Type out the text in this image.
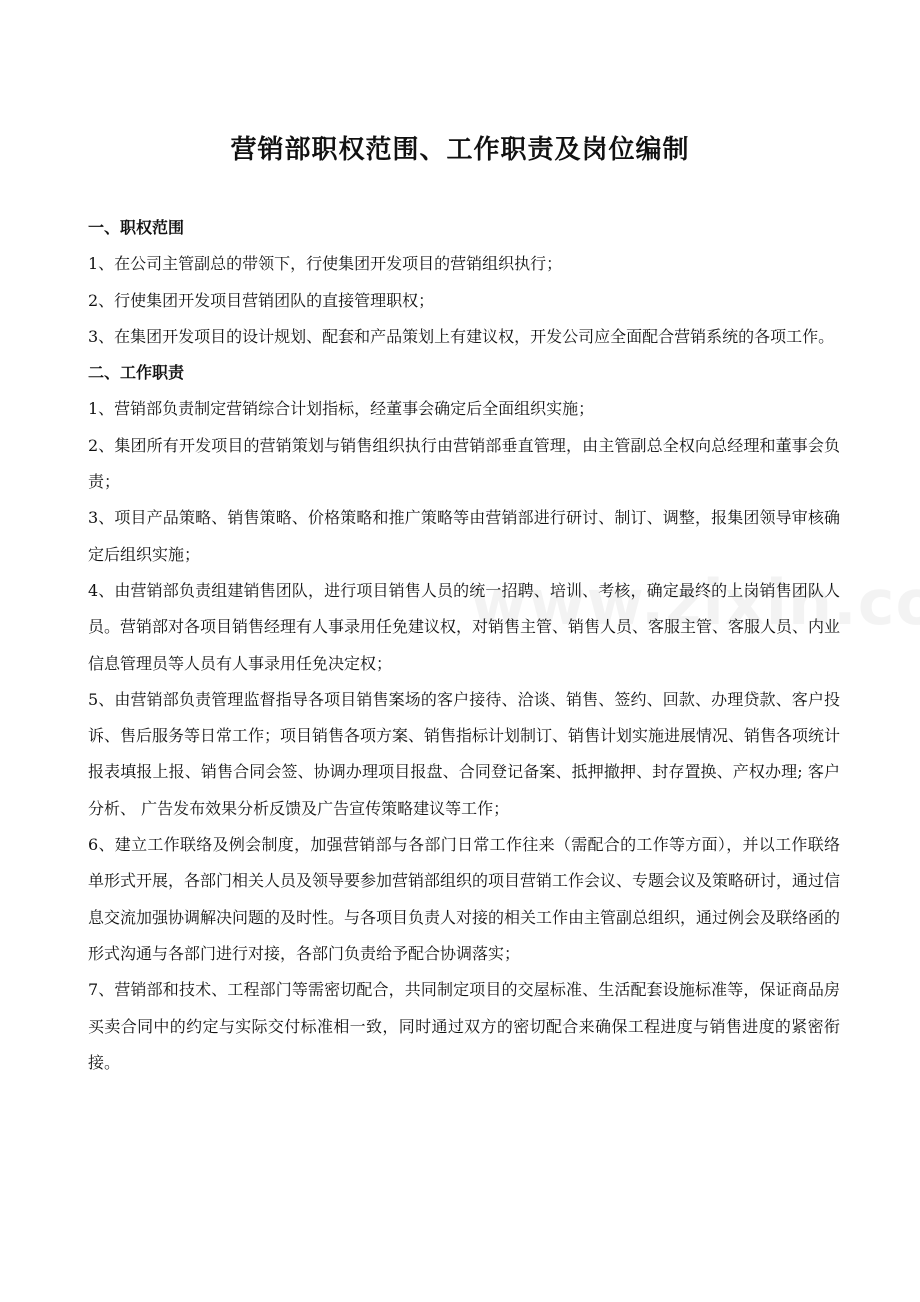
营销部职权范围、工作职责及岗位编制

一、职权范围

1、在公司主管副总的带领下，行使集团开发项目的营销组织执行；

2、行使集团开发项目营销团队的直接管理职权；

3、在集团开发项目的设计规划、配套和产品策划上有建议权，开发公司应全面配合营销系统的各项工作。

二、工作职责

1、营销部负责制定营销综合计划指标，经董事会确定后全面组织实施；

2、集团所有开发项目的营销策划与销售组织执行由营销部垂直管理，由主管副总全权向总经理和董事会负责；

3、项目产品策略、销售策略、价格策略和推广策略等由营销部进行研讨、制订、调整，报集团领导审核确定后组织实施；

4、由营销部负责组建销售团队，进行项目销售人员的统一招聘、培训、考核，确定最终的上岗销售团队人员。营销部对各项目销售经理有人事录用任免建议权，对销售主管、销售人员、客服主管、客服人员、内业信息管理员等人员有人事录用任免决定权；

5、由营销部负责管理监督指导各项目销售案场的客户接待、洽谈、销售、签约、回款、办理贷款、客户投诉、售后服务等日常工作；项目销售各项方案、销售指标计划制订、销售计划实施进展情况、销售各项统计报表填报上报、销售合同会签、协调办理项目报盘、合同登记备案、抵押撤押、封存置换、产权办理; 客户分析、 广告发布效果分析反馈及广告宣传策略建议等工作；

6、建立工作联络及例会制度，加强营销部与各部门日常工作往来（需配合的工作等方面），并以工作联络单形式开展，各部门相关人员及领导要参加营销部组织的项目营销工作会议、专题会议及策略研讨，通过信息交流加强协调解决问题的及时性。与各项目负责人对接的相关工作由主管副总组织，通过例会及联络函的形式沟通与各部门进行对接，各部门负责给予配合协调落实；

7、营销部和技术、工程部门等需密切配合，共同制定项目的交屋标准、生活配套设施标准等，保证商品房买卖合同中的约定与实际交付标准相一致，同时通过双方的密切配合来确保工程进度与销售进度的紧密衔接。
